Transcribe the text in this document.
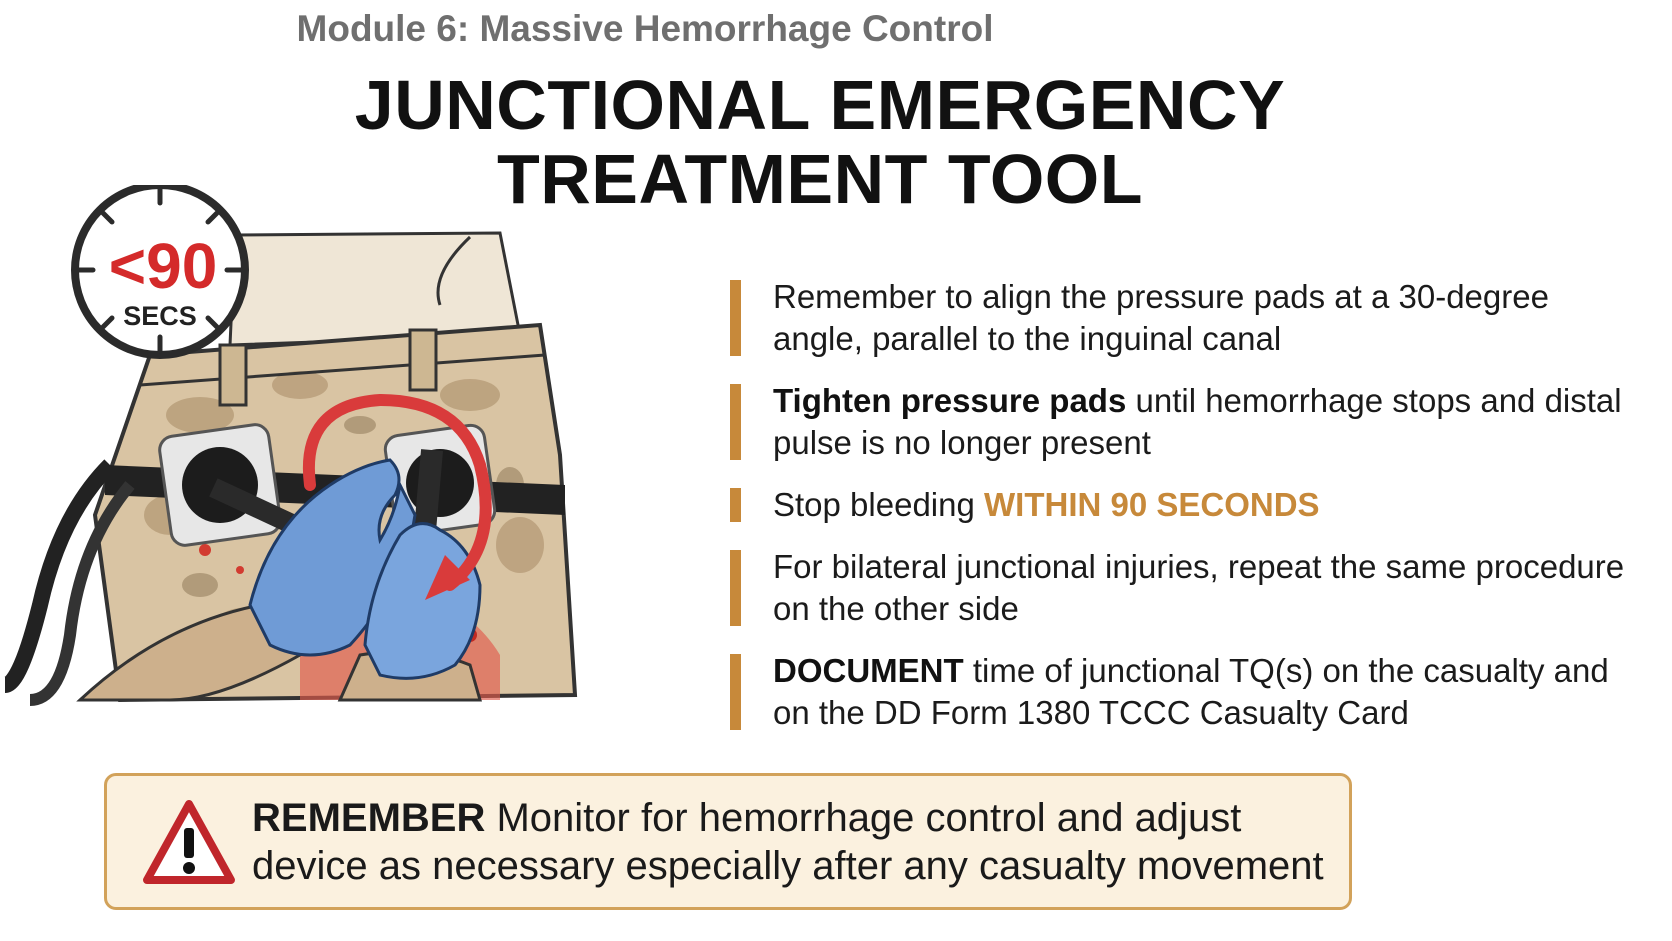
Module 6: Massive Hemorrhage Control
JUNCTIONAL EMERGENCY
TREATMENT TOOL
<90
SECS
Remember to align the pressure pads at a 30-degree angle, parallel to the inguinal canal
Tighten pressure pads until hemorrhage stops and distal pulse is no longer present
Stop bleeding WITHIN 90 SECONDS
For bilateral junctional injuries, repeat the same procedure on the other side
DOCUMENT time of junctional TQ(s) on the casualty and on the DD Form 1380 TCCC Casualty Card
REMEMBER Monitor for hemorrhage control and adjust device as necessary especially after any casualty movement
